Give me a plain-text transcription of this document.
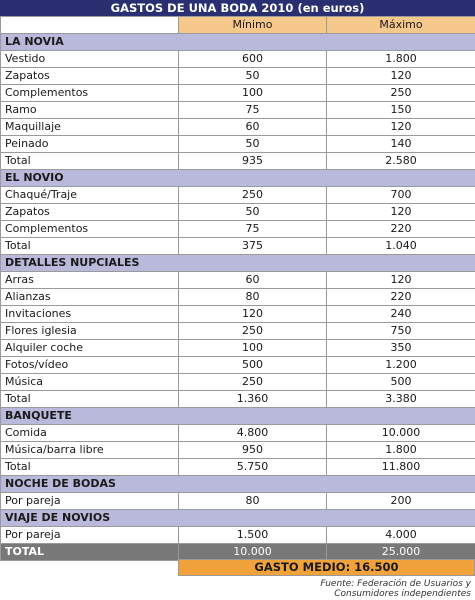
GASTOS DE UNA BODA 2010 (en euros)
	Mínimo	Máximo
LA NOVIA		
Vestido	600	1.800
Zapatos	50	120
Complementos	100	250
Ramo	75	150
Maquillaje	60	120
Peinado	50	140
Total	935	2.580
EL NOVIO		
Chaqué/Traje	250	700
Zapatos	50	120
Complementos	75	220
Total	375	1.040
DETALLES NUPCIALES		
Arras	60	120
Alianzas	80	220
Invitaciones	120	240
Flores iglesia	250	750
Alquiler coche	100	350
Fotos/vídeo	500	1.200
Música	250	500
Total	1.360	3.380
BANQUETE		
Comida	4.800	10.000
Música/barra libre	950	1.800
Total	5.750	11.800
NOCHE DE BODAS		
Por pareja	80	200
VIAJE DE NOVIOS		
Por pareja	1.500	4.000
TOTAL	10.000	25.000
GASTO MEDIO: 16.500
Fuente: Federación de Usuarios y
Consumidores independientes
